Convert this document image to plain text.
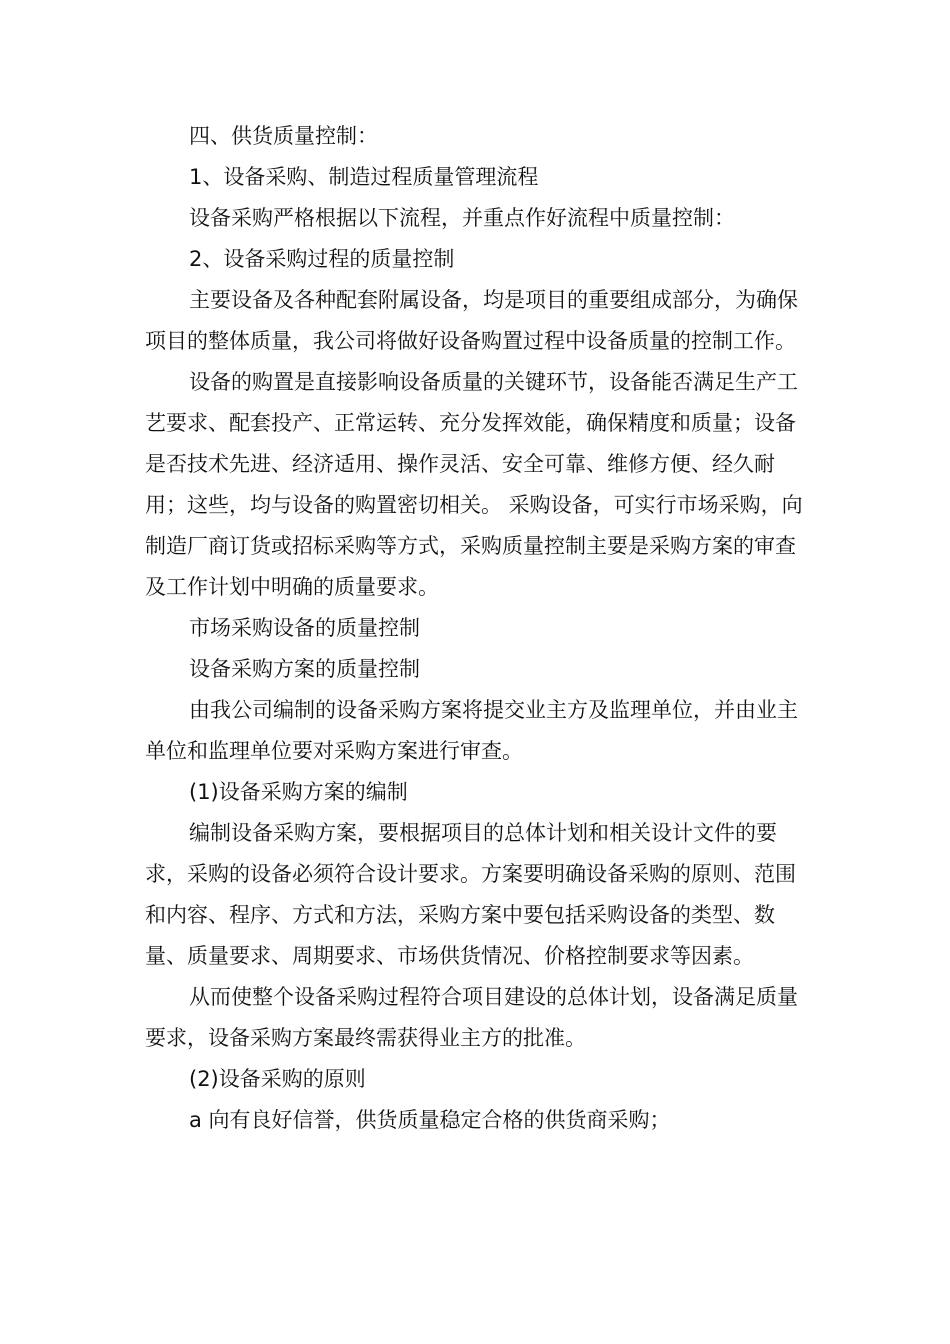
四、供货质量控制：

1、设备采购、制造过程质量管理流程

设备采购严格根据以下流程，并重点作好流程中质量控制：

2、设备采购过程的质量控制

主要设备及各种配套附属设备，均是项目的重要组成部分，为确保项目的整体质量，我公司将做好设备购置过程中设备质量的控制工作。

设备的购置是直接影响设备质量的关键环节，设备能否满足生产工艺要求、配套投产、正常运转、充分发挥效能，确保精度和质量；设备是否技术先进、经济适用、操作灵活、安全可靠、维修方便、经久耐用；这些，均与设备的购置密切相关。 采购设备，可实行市场采购，向制造厂商订货或招标采购等方式，采购质量控制主要是采购方案的审查及工作计划中明确的质量要求。

市场采购设备的质量控制

设备采购方案的质量控制

由我公司编制的设备采购方案将提交业主方及监理单位，并由业主单位和监理单位要对采购方案进行审查。

(1)设备采购方案的编制

编制设备采购方案，要根据项目的总体计划和相关设计文件的要求，采购的设备必须符合设计要求。方案要明确设备采购的原则、范围和内容、程序、方式和方法，采购方案中要包括采购设备的类型、数量、质量要求、周期要求、市场供货情况、价格控制要求等因素。

从而使整个设备采购过程符合项目建设的总体计划，设备满足质量要求，设备采购方案最终需获得业主方的批准。

(2)设备采购的原则

a 向有良好信誉，供货质量稳定合格的供货商采购；
